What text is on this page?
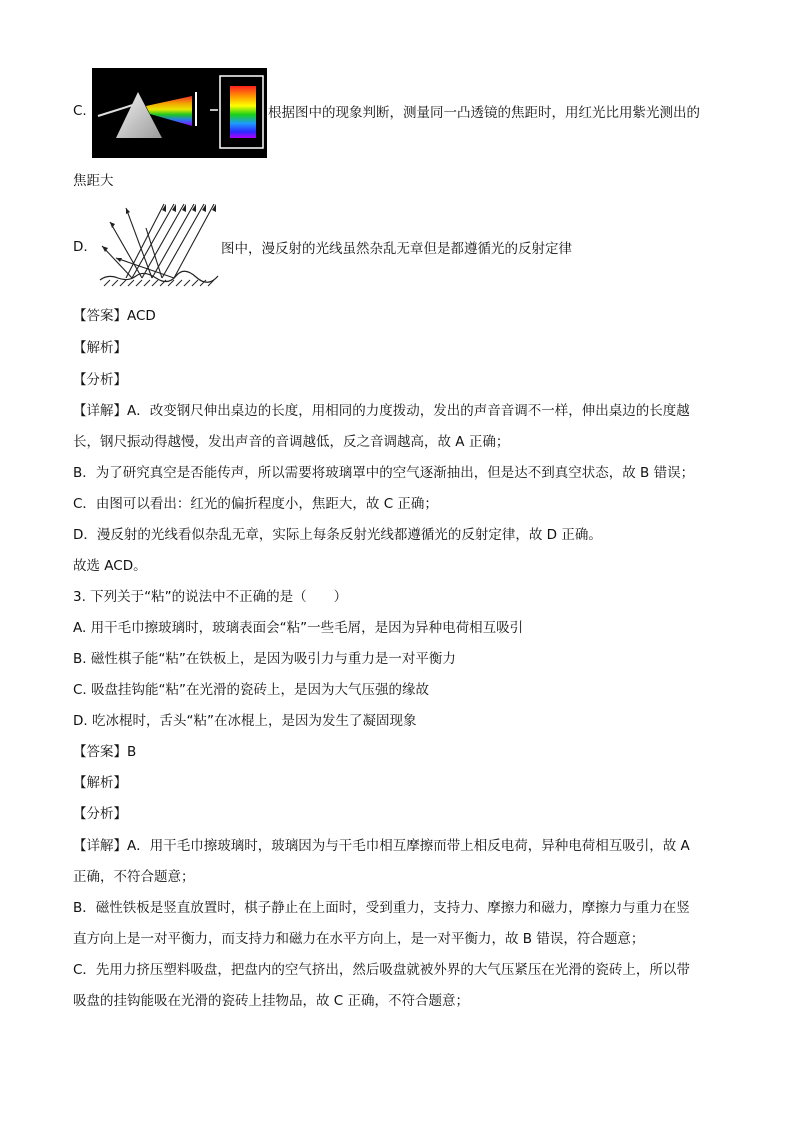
C.	根据图中的现象判断，测量同一凸透镜的焦距时，用红光比用紫光测出的
焦距大
D.	图中，漫反射的光线虽然杂乱无章但是都遵循光的反射定律
【答案】ACD
【解析】
【分析】
【详解】A．改变钢尺伸出桌边的长度，用相同的力度拨动，发出的声音音调不一样，伸出桌边的长度越
长，钢尺振动得越慢，发出声音的音调越低，反之音调越高，故 A 正确；
B．为了研究真空是否能传声，所以需要将玻璃罩中的空气逐渐抽出，但是达不到真空状态，故 B 错误；
C．由图可以看出：红光的偏折程度小，焦距大，故 C 正确；
D．漫反射的光线看似杂乱无章，实际上每条反射光线都遵循光的反射定律，故 D 正确。
故选 ACD。
3. 下列关于“粘”的说法中不正确的是（　　）
A. 用干毛巾擦玻璃时，玻璃表面会“粘”一些毛屑，是因为异种电荷相互吸引
B. 磁性棋子能“粘”在铁板上，是因为吸引力与重力是一对平衡力
C. 吸盘挂钩能“粘”在光滑的瓷砖上，是因为大气压强的缘故
D. 吃冰棍时，舌头“粘”在冰棍上，是因为发生了凝固现象
【答案】B
【解析】
【分析】
【详解】A．用干毛巾擦玻璃时，玻璃因为与干毛巾相互摩擦而带上相反电荷，异种电荷相互吸引，故 A
正确，不符合题意；
B．磁性铁板是竖直放置时，棋子静止在上面时，受到重力，支持力、摩擦力和磁力，摩擦力与重力在竖
直方向上是一对平衡力，而支持力和磁力在水平方向上，是一对平衡力，故 B 错误，符合题意；
C．先用力挤压塑料吸盘，把盘内的空气挤出，然后吸盘就被外界的大气压紧压在光滑的瓷砖上，所以带
吸盘的挂钩能吸在光滑的瓷砖上挂物品，故 C 正确，不符合题意；
